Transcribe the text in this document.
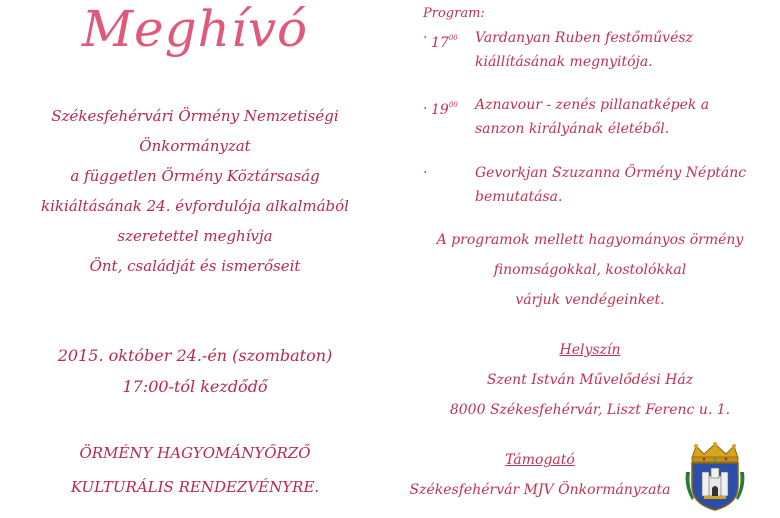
Meghívó
Székesfehérvári Örmény Nemzetiségi
Önkormányzat
a független Örmény Köztársaság
kikiáltásának 24. évfordulója alkalmából
szeretettel meghívja
Önt, családját és ismerőseit
2015. október 24.-én (szombaton)
17:00-tól kezdődő
ÖRMÉNY HAGYOMÁNYŐRZŐ
KULTURÁLIS RENDEZVÉNYRE.
Program:
· $17^{00}$ Vardanyan Ruben festőművész
kiállításának megnyitója.
. $19^{00}$ Aznavour - zenés pillanatképek a
sanzon királyának életéből.
·	Gevorkjan Szuzanna Örmény Néptánc
bemutatása.
A programok mellett hagyományos örmény
finomságokkal, kostolókkal
várjuk vendégeinket.
Helyszín
Szent István Művelődési Ház
8000 Székesfehérvár, Liszt Ferenc u. 1.
Támogató
Székesfehérvár MJV Önkormányzata
